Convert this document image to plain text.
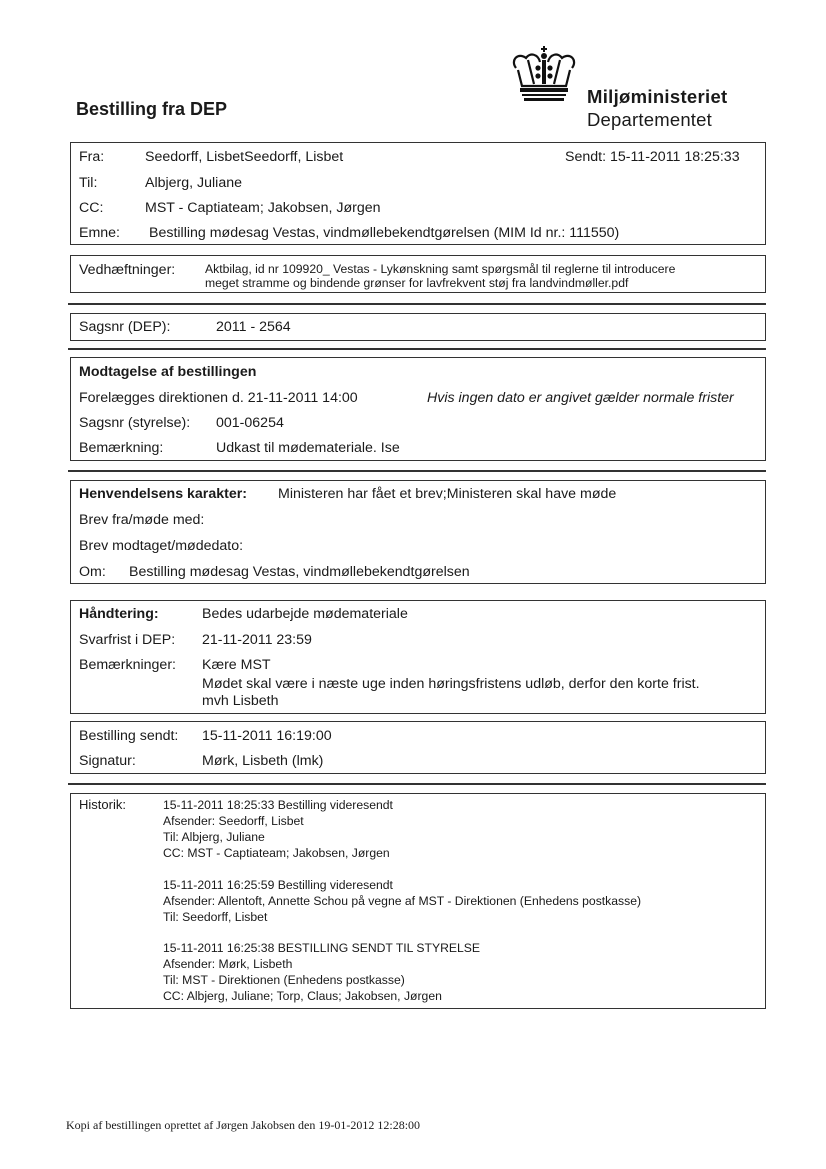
Bestilling fra DEP
Miljøministeriet
Departementet
Fra:	Seedorff, LisbetSeedorff, Lisbet	Sendt: 15-11-2011 18:25:33
Til:	Albjerg, Juliane
CC:	MST - Captiateam; Jakobsen, Jørgen
Emne: Bestilling mødesag Vestas, vindmøllebekendtgørelsen (MIM Id nr.: 111550)
Vedhæftninger: Aktbilag, id nr 109920_ Vestas - Lykønskning samt spørgsmål til reglerne til introducere
meget stramme og bindende grønser for lavfrekvent støj fra landvindmøller.pdf
Sagsnr (DEP):	2011 - 2564
Modtagelse af bestillingen
Forelægges direktionen d. 21-11-2011 14:00	Hvis ingen dato er angivet gælder normale frister
Sagsnr (styrelse): 001-06254
Bemærkning:	Udkast til mødemateriale. Ise
Henvendelsens karakter: Ministeren har fået et brev;Ministeren skal have møde
Brev fra/møde med:
Brev modtaget/mødedato:
Om: Bestilling mødesag Vestas, vindmøllebekendtgørelsen
Håndtering:	Bedes udarbejde mødemateriale
Svarfrist i DEP: 21-11-2011 23:59
Bemærkninger: Kære MST
Mødet skal være i næste uge inden høringsfristens udløb, derfor den korte frist.
mvh Lisbeth
Bestilling sendt: 15-11-2011 16:19:00
Signatur:	Mørk, Lisbeth (lmk)
Historik:	15-11-2011 18:25:33 Bestilling videresendt
Afsender: Seedorff, Lisbet
Til: Albjerg, Juliane
CC: MST - Captiateam; Jakobsen, Jørgen
15-11-2011 16:25:59 Bestilling videresendt
Afsender: Allentoft, Annette Schou på vegne af MST - Direktionen (Enhedens postkasse)
Til: Seedorff, Lisbet
15-11-2011 16:25:38 BESTILLING SENDT TIL STYRELSE
Afsender: Mørk, Lisbeth
Til: MST - Direktionen (Enhedens postkasse)
CC: Albjerg, Juliane; Torp, Claus; Jakobsen, Jørgen
Kopi af bestillingen oprettet af Jørgen Jakobsen den 19-01-2012 12:28:00
